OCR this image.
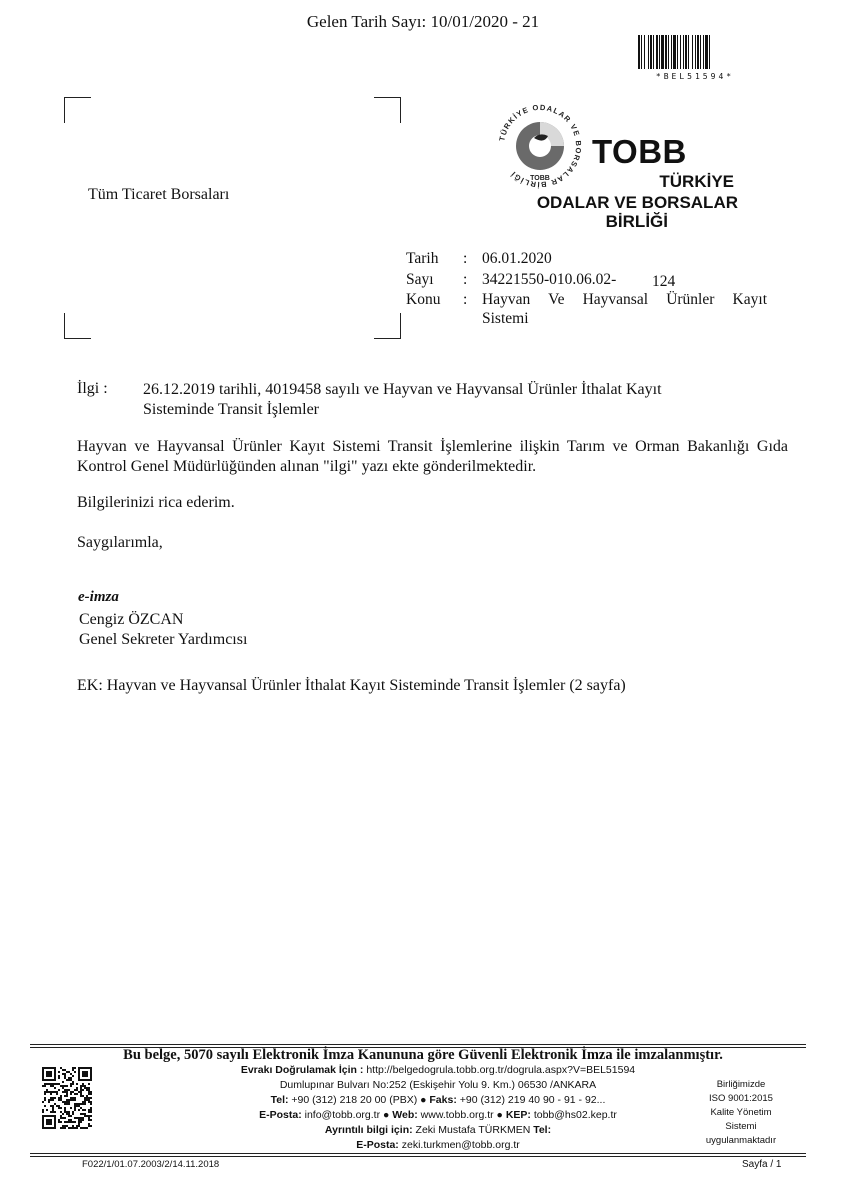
Gelen Tarih Sayı: 10/01/2020 - 21
*BEL51594*
Tüm Ticaret Borsaları
TÜRKİYE ODALAR VE BORSALAR BİRLİĞİ
TOBB
TOBB
TÜRKİYE
ODALAR VE BORSALAR
BİRLİĞİ
Tarih : 06.01.2020
Sayı : 34221550-010.06.02- 124
Konu : Hayvan Ve Hayvansal Ürünler Kayıt
Sistemi
İlgi : 26.12.2019 tarihli, 4019458 sayılı ve Hayvan ve Hayvansal Ürünler İthalat Kayıt Sisteminde Transit İşlemler
Hayvan ve Hayvansal Ürünler Kayıt Sistemi Transit İşlemlerine ilişkin Tarım ve Orman Bakanlığı Gıda Kontrol Genel Müdürlüğünden alınan "ilgi" yazı ekte gönderilmektedir.
Bilgilerinizi rica ederim.
Saygılarımla,
e-imza
Cengiz ÖZCAN
Genel Sekreter Yardımcısı
EK: Hayvan ve Hayvansal Ürünler İthalat Kayıt Sisteminde Transit İşlemler (2 sayfa)
Bu belge, 5070 sayılı Elektronik İmza Kanununa göre Güvenli Elektronik İmza ile imzalanmıştır.
Evrakı Doğrulamak İçin : http://belgedogrula.tobb.org.tr/dogrula.aspx?V=BEL51594
Dumlupınar Bulvarı No:252 (Eskişehir Yolu 9. Km.) 06530 /ANKARA
Tel: +90 (312) 218 20 00 (PBX) ● Faks: +90 (312) 219 40 90 - 91 - 92...
E-Posta: info@tobb.org.tr ● Web: www.tobb.org.tr ● KEP: tobb@hs02.kep.tr
Ayrıntılı bilgi için: Zeki Mustafa TÜRKMEN Tel:
E-Posta: zeki.turkmen@tobb.org.tr
Birliğimizde
ISO 9001:2015
Kalite Yönetim
Sistemi
uygulanmaktadır
F022/1/01.07.2003/2/14.11.2018	Sayfa / 1
